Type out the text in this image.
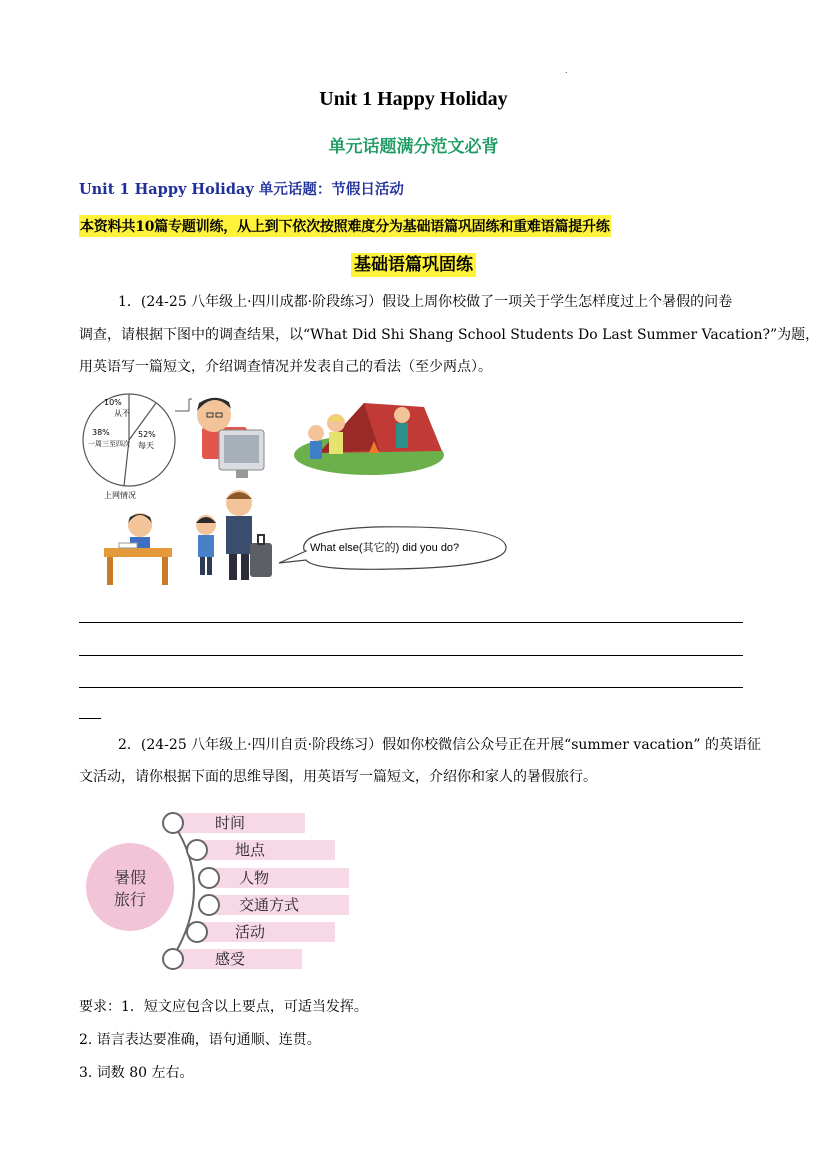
.
Unit 1 Happy Holiday
单元话题满分范文必背
Unit 1 Happy Holiday 单元话题：节假日活动
本资料共10篇专题训练，从上到下依次按照难度分为基础语篇巩固练和重难语篇提升练
基础语篇巩固练
1．(24-25 八年级上·四川成都·阶段练习）假设上周你校做了一项关于学生怎样度过上个暑假的问卷
调查，请根据下图中的调查结果，以“What Did Shi Shang School Students Do Last Summer Vacation?”为题，
用英语写一篇短文，介绍调查情况并发表自己的看法（至少两点）。
10%
从不
52%
每天
38%
一周三至四次
上网情况
What else(其它的) did you do?
2．(24-25 八年级上·四川自贡·阶段练习）假如你校微信公众号正在开展“summer vacation” 的英语征
文活动，请你根据下面的思维导图，用英语写一篇短文，介绍你和家人的暑假旅行。
暑假
旅行
时间
地点
人物
交通方式
活动
感受
要求：1．短文应包含以上要点，可适当发挥。
2. 语言表达要准确，语句通顺、连贯。
3. 词数 80 左右。
